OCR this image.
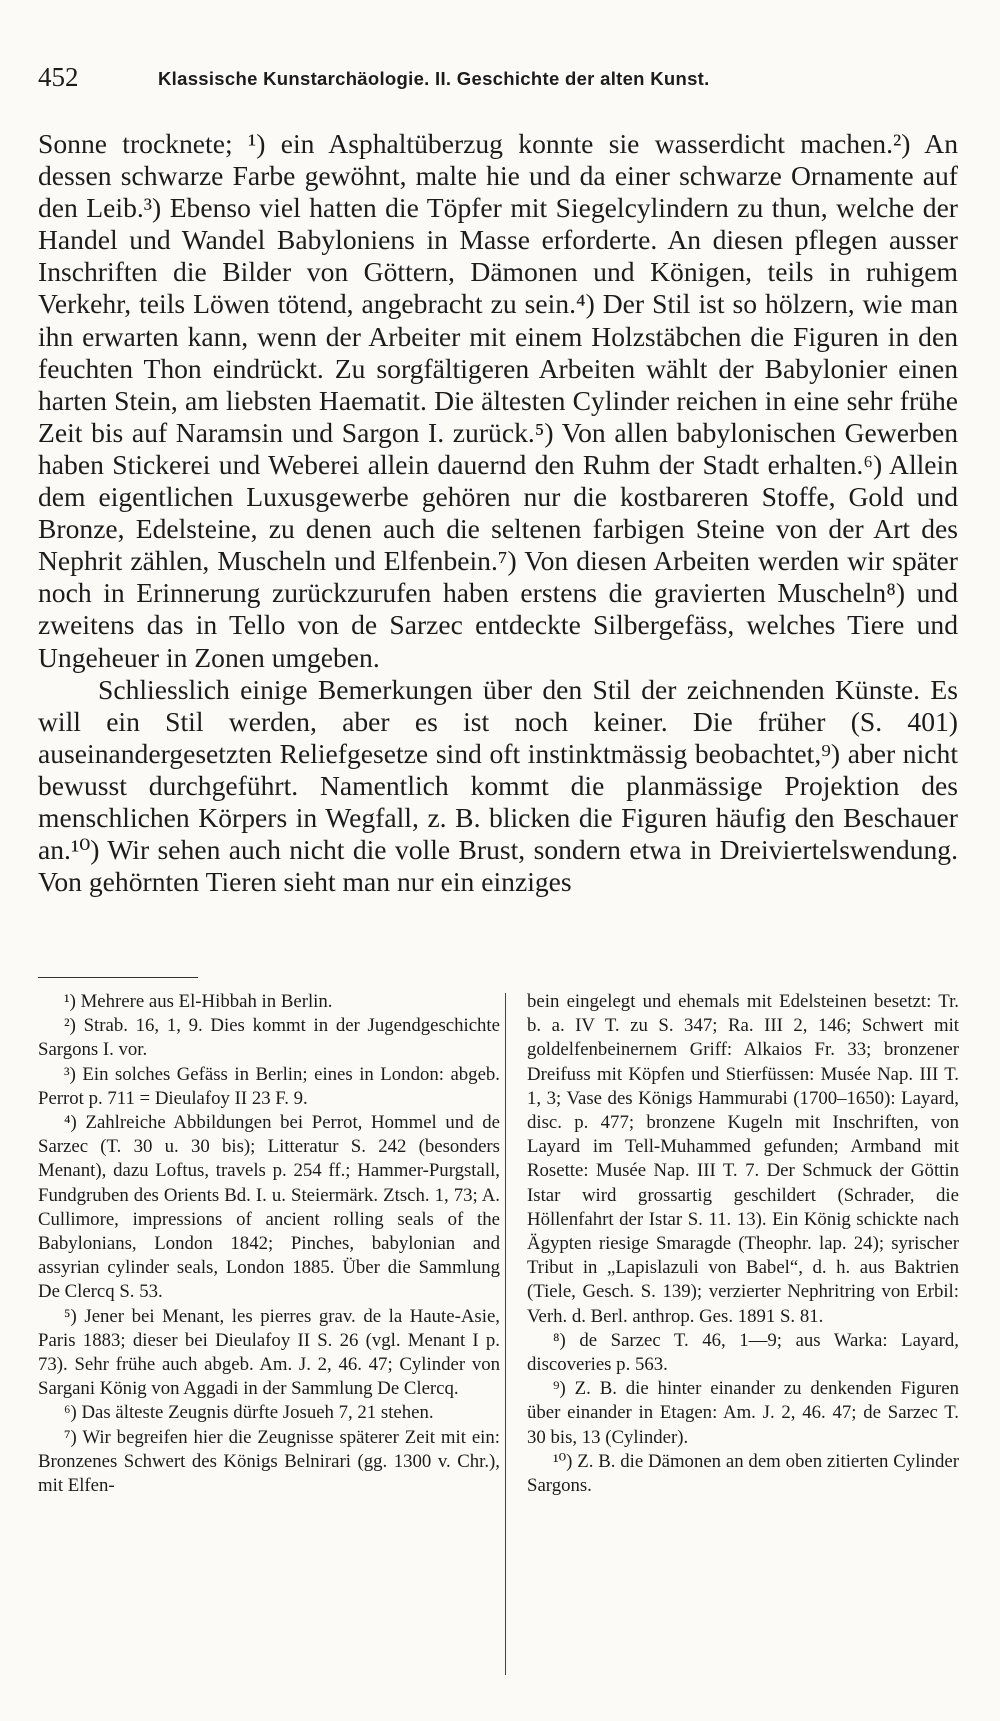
452	Klassische Kunstarchäologie. II. Geschichte der alten Kunst.

Sonne trocknete; ¹) ein Asphaltüberzug konnte sie wasserdicht machen.²) An dessen schwarze Farbe gewöhnt, malte hie und da einer schwarze Ornamente auf den Leib.³) Ebenso viel hatten die Töpfer mit Siegelcylindern zu thun, welche der Handel und Wandel Babyloniens in Masse erforderte. An diesen pflegen ausser Inschriften die Bilder von Göttern, Dämonen und Königen, teils in ruhigem Verkehr, teils Löwen tötend, angebracht zu sein.⁴) Der Stil ist so hölzern, wie man ihn erwarten kann, wenn der Arbeiter mit einem Holzstäbchen die Figuren in den feuchten Thon eindrückt. Zu sorgfältigeren Arbeiten wählt der Babylonier einen harten Stein, am liebsten Haematit. Die ältesten Cylinder reichen in eine sehr frühe Zeit bis auf Naramsin und Sargon I. zurück.⁵) Von allen babylonischen Gewerben haben Stickerei und Weberei allein dauernd den Ruhm der Stadt erhalten.⁶) Allein dem eigentlichen Luxusgewerbe gehören nur die kostbareren Stoffe, Gold und Bronze, Edelsteine, zu denen auch die seltenen farbigen Steine von der Art des Nephrit zählen, Muscheln und Elfenbein.⁷) Von diesen Arbeiten werden wir später noch in Erinnerung zurückzurufen haben erstens die gravierten Muscheln⁸) und zweitens das in Tello von de Sarzec entdeckte Silbergefäss, welches Tiere und Ungeheuer in Zonen umgeben.

Schliesslich einige Bemerkungen über den Stil der zeichnenden Künste. Es will ein Stil werden, aber es ist noch keiner. Die früher (S. 401) auseinandergesetzten Reliefgesetze sind oft instinktmässig beobachtet,⁹) aber nicht bewusst durchgeführt. Namentlich kommt die planmässige Projektion des menschlichen Körpers in Wegfall, z. B. blicken die Figuren häufig den Beschauer an.¹⁰) Wir sehen auch nicht die volle Brust, sondern etwa in Dreiviertelswendung. Von gehörnten Tieren sieht man nur ein einziges

¹) Mehrere aus El-Hibbah in Berlin.

²) Strab. 16, 1, 9. Dies kommt in der Jugendgeschichte Sargons I. vor.

³) Ein solches Gefäss in Berlin; eines in London: abgeb. Perrot p. 711 = Dieulafoy II 23 F. 9.

⁴) Zahlreiche Abbildungen bei Perrot, Hommel und de Sarzec (T. 30 u. 30 bis); Litteratur S. 242 (besonders Menant), dazu Loftus, travels p. 254 ff.; Hammer-Purgstall, Fundgruben des Orients Bd. I. u. Steiermärk. Ztsch. 1, 73; A. Cullimore, impressions of ancient rolling seals of the Babylonians, London 1842; Pinches, babylonian and assyrian cylinder seals, London 1885. Über die Sammlung De Clercq S. 53.

⁵) Jener bei Menant, les pierres grav. de la Haute-Asie, Paris 1883; dieser bei Dieulafoy II S. 26 (vgl. Menant I p. 73). Sehr frühe auch abgeb. Am. J. 2, 46. 47; Cylinder von Sargani König von Aggadi in der Sammlung De Clercq.

⁶) Das älteste Zeugnis dürfte Josueh 7, 21 stehen.

⁷) Wir begreifen hier die Zeugnisse späterer Zeit mit ein: Bronzenes Schwert des Königs Belnirari (gg. 1300 v. Chr.), mit Elfen-

bein eingelegt und ehemals mit Edelsteinen besetzt: Tr. b. a. IV T. zu S. 347; Ra. III 2, 146; Schwert mit goldelfenbeinernem Griff: Alkaios Fr. 33; bronzener Dreifuss mit Köpfen und Stierfüssen: Musée Nap. III T. 1, 3; Vase des Königs Hammurabi (1700–1650): Layard, disc. p. 477; bronzene Kugeln mit Inschriften, von Layard im Tell-Muhammed gefunden; Armband mit Rosette: Musée Nap. III T. 7. Der Schmuck der Göttin Istar wird grossartig geschildert (Schrader, die Höllenfahrt der Istar S. 11. 13). Ein König schickte nach Ägypten riesige Smaragde (Theophr. lap. 24); syrischer Tribut in „Lapislazuli von Babel“, d. h. aus Baktrien (Tiele, Gesch. S. 139); verzierter Nephritring von Erbil: Verh. d. Berl. anthrop. Ges. 1891 S. 81.

⁸) de Sarzec T. 46, 1—9; aus Warka: Layard, discoveries p. 563.

⁹) Z. B. die hinter einander zu denkenden Figuren über einander in Etagen: Am. J. 2, 46. 47; de Sarzec T. 30 bis, 13 (Cylinder).

¹⁰) Z. B. die Dämonen an dem oben zitierten Cylinder Sargons.
